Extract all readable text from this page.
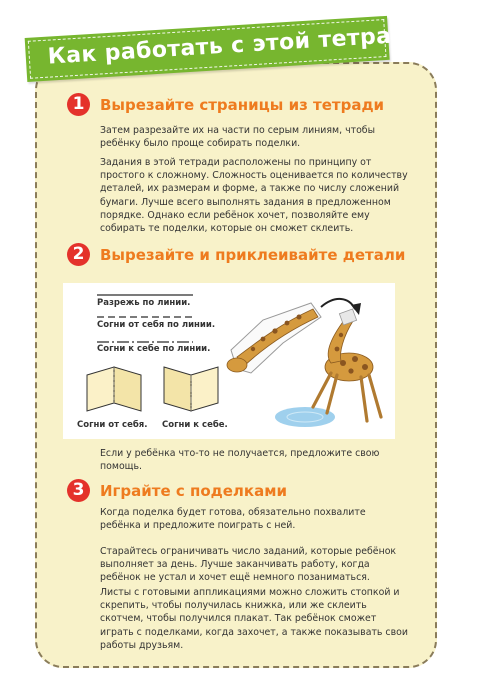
Как работать с этой тетрадью
1	Вырезайте страницы из тетради

Затем разрезайте их на части по серым линиям, чтобы ребёнку было проще собирать поделки.

Задания в этой тетради расположены по принципу от простого к сложному. Сложность оценивается по количеству деталей, их размерам и форме, а также по числу сложений бумаги. Лучше всего выполнять задания в предложенном порядке. Однако если ребёнок хочет, позволяйте ему собирать те поделки, которые он сможет склеить.

2	Вырезайте и приклеивайте детали
Разрежь по линии.
Согни от себя по линии.
Согни к себе по линии.
Согни от себя. Согни к себе.

Если у ребёнка что-то не получается, предложите свою помощь.

3	Играйте с поделками

Когда поделка будет готова, обязательно похвалите ребёнка и предложите поиграть с ней.

Старайтесь ограничивать число заданий, которые ребёнок выполняет за день. Лучше заканчивать работу, когда ребёнок не устал и хочет ещё немного позаниматься.

Листы с готовыми аппликациями можно сложить стопкой и скрепить, чтобы получилась книжка, или же склеить скотчем, чтобы получился плакат. Так ребёнок сможет играть с поделками, когда захочет, а также показывать свои работы друзьям.
